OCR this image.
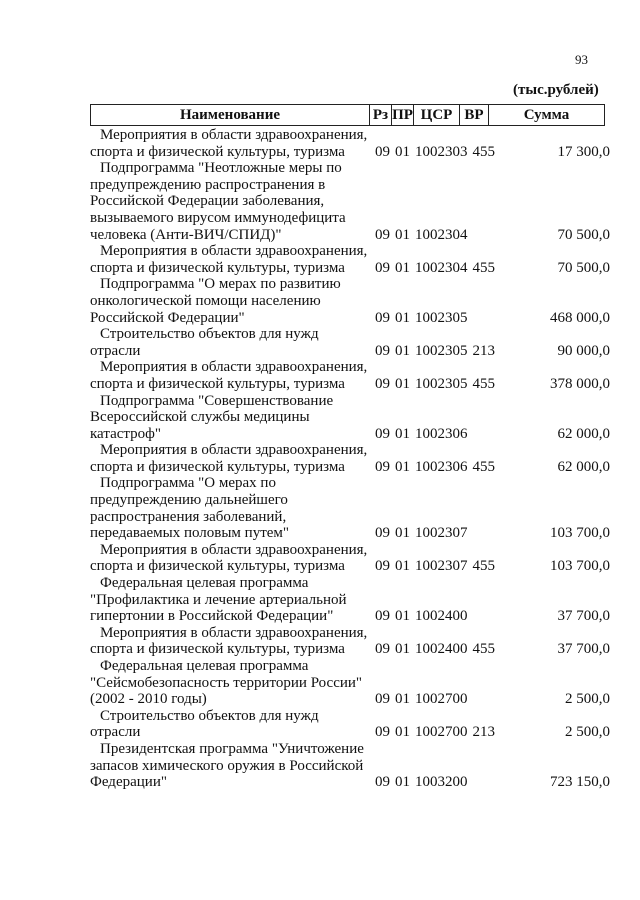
93
(тыс.рублей)
Наименование	Рз ПР ЦСР ВР	Сумма
Мероприятия в области здравоохранения,
спорта и физической культуры, туризма	09 01 1002303 455	17 300,0
Подпрограмма "Неотложные меры по
предупреждению распространения в
Российской Федерации заболевания,
вызываемого вирусом иммунодефицита
человека (Анти-ВИЧ/СПИД)"	09 01 1002304	70 500,0
Мероприятия в области здравоохранения,
спорта и физической культуры, туризма	09 01 1002304 455	70 500,0
Подпрограмма "О мерах по развитию
онкологической помощи населению
Российской Федерации"	09 01 1002305	468 000,0
Строительство объектов для нужд
отрасли	09 01 1002305 213	90 000,0
Мероприятия в области здравоохранения,
спорта и физической культуры, туризма	09 01 1002305 455	378 000,0
Подпрограмма "Совершенствование
Всероссийской службы медицины
катастроф"	09 01 1002306	62 000,0
Мероприятия в области здравоохранения,
спорта и физической культуры, туризма	09 01 1002306 455	62 000,0
Подпрограмма "О мерах по
предупреждению дальнейшего
распространения заболеваний,
передаваемых половым путем"	09 01 1002307	103 700,0
Мероприятия в области здравоохранения,
спорта и физической культуры, туризма	09 01 1002307 455	103 700,0
Федеральная целевая программа
"Профилактика и лечение артериальной
гипертонии в Российской Федерации"	09 01 1002400	37 700,0
Мероприятия в области здравоохранения,
спорта и физической культуры, туризма	09 01 1002400 455	37 700,0
Федеральная целевая программа
"Сейсмобезопасность территории России"
(2002 - 2010 годы)	09 01 1002700	2 500,0
Строительство объектов для нужд
отрасли	09 01 1002700 213	2 500,0
Президентская программа "Уничтожение
запасов химического оружия в Российской
Федерации"	09 01 1003200	723 150,0
